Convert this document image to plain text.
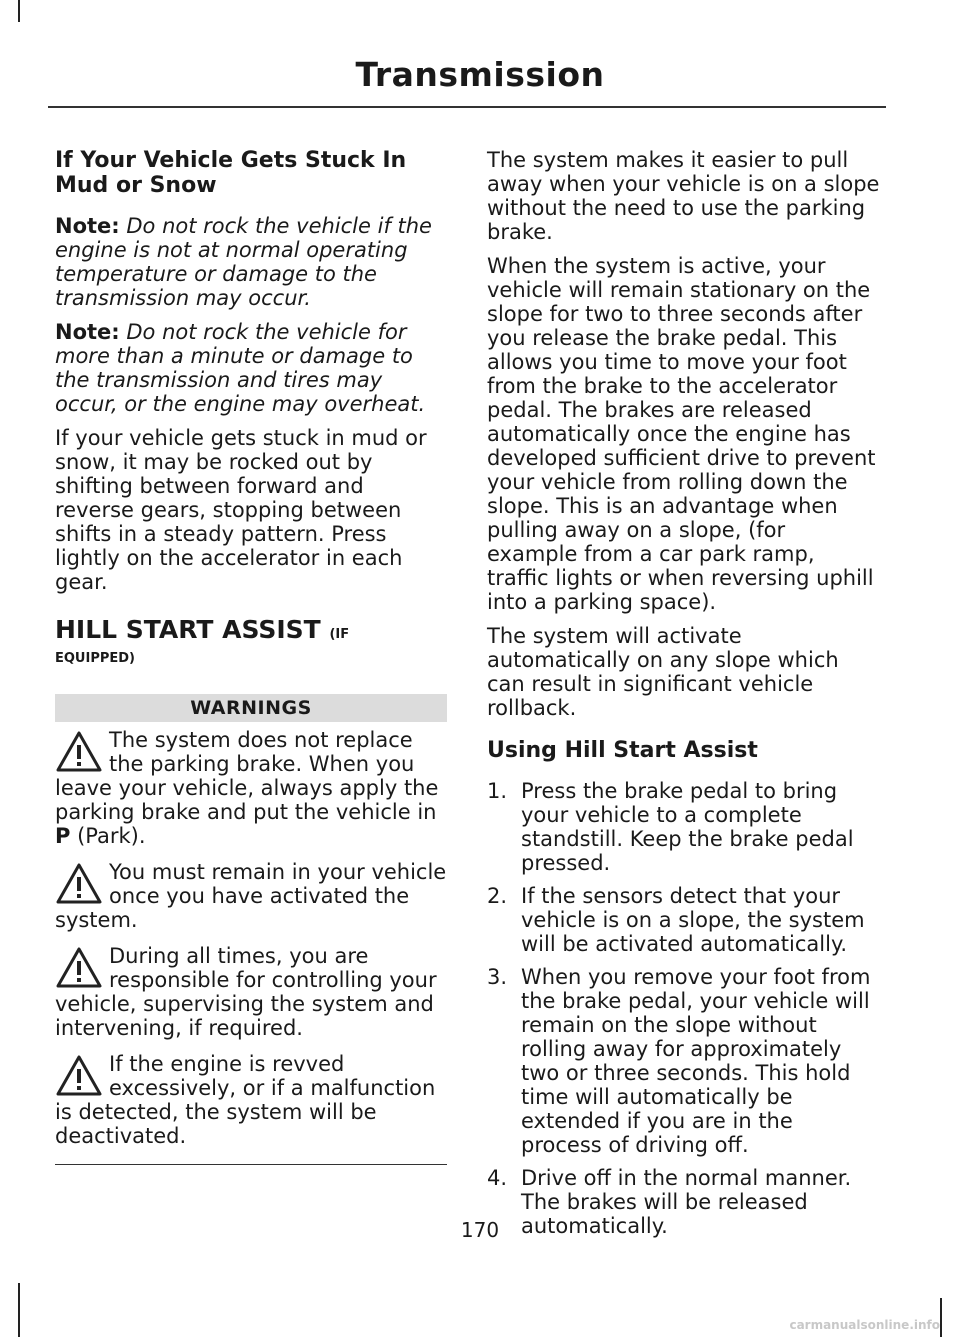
Transmission
If Your Vehicle Gets Stuck In Mud or Snow

Note: Do not rock the vehicle if the engine is not at normal operating temperature or damage to the transmission may occur.

Note: Do not rock the vehicle for more than a minute or damage to the transmission and tires may occur, or the engine may overheat.

If your vehicle gets stuck in mud or snow, it may be rocked out by shifting between forward and reverse gears, stopping between shifts in a steady pattern. Press lightly on the accelerator in each gear.

HILL START ASSIST (IF
EQUIPPED)
WARNINGS
The system does not replace the parking brake. When you leave your vehicle, always apply the parking brake and put the vehicle in P (Park).
You must remain in your vehicle once you have activated the system.
During all times, you are responsible for controlling your vehicle, supervising the system and intervening, if required.
If the engine is revved excessively, or if a malfunction is detected, the system will be deactivated.

The system makes it easier to pull away when your vehicle is on a slope without the need to use the parking brake.

When the system is active, your vehicle will remain stationary on the slope for two to three seconds after you release the brake pedal. This allows you time to move your foot from the brake to the accelerator pedal. The brakes are released automatically once the engine has developed sufficient drive to prevent your vehicle from rolling down the slope. This is an advantage when pulling away on a slope, (for example from a car park ramp, traffic lights or when reversing uphill into a parking space).

The system will activate automatically on any slope which can result in significant vehicle rollback.

Using Hill Start Assist
1. Press the brake pedal to bring your vehicle to a complete standstill. Keep the brake pedal pressed.
2. If the sensors detect that your vehicle is on a slope, the system will be activated automatically.
3. When you remove your foot from the brake pedal, your vehicle will remain on the slope without rolling away for approximately two or three seconds. This hold time will automatically be extended if you are in the process of driving off.
4. Drive off in the normal manner. The brakes will be released automatically.
170
carmanualsonline.info
